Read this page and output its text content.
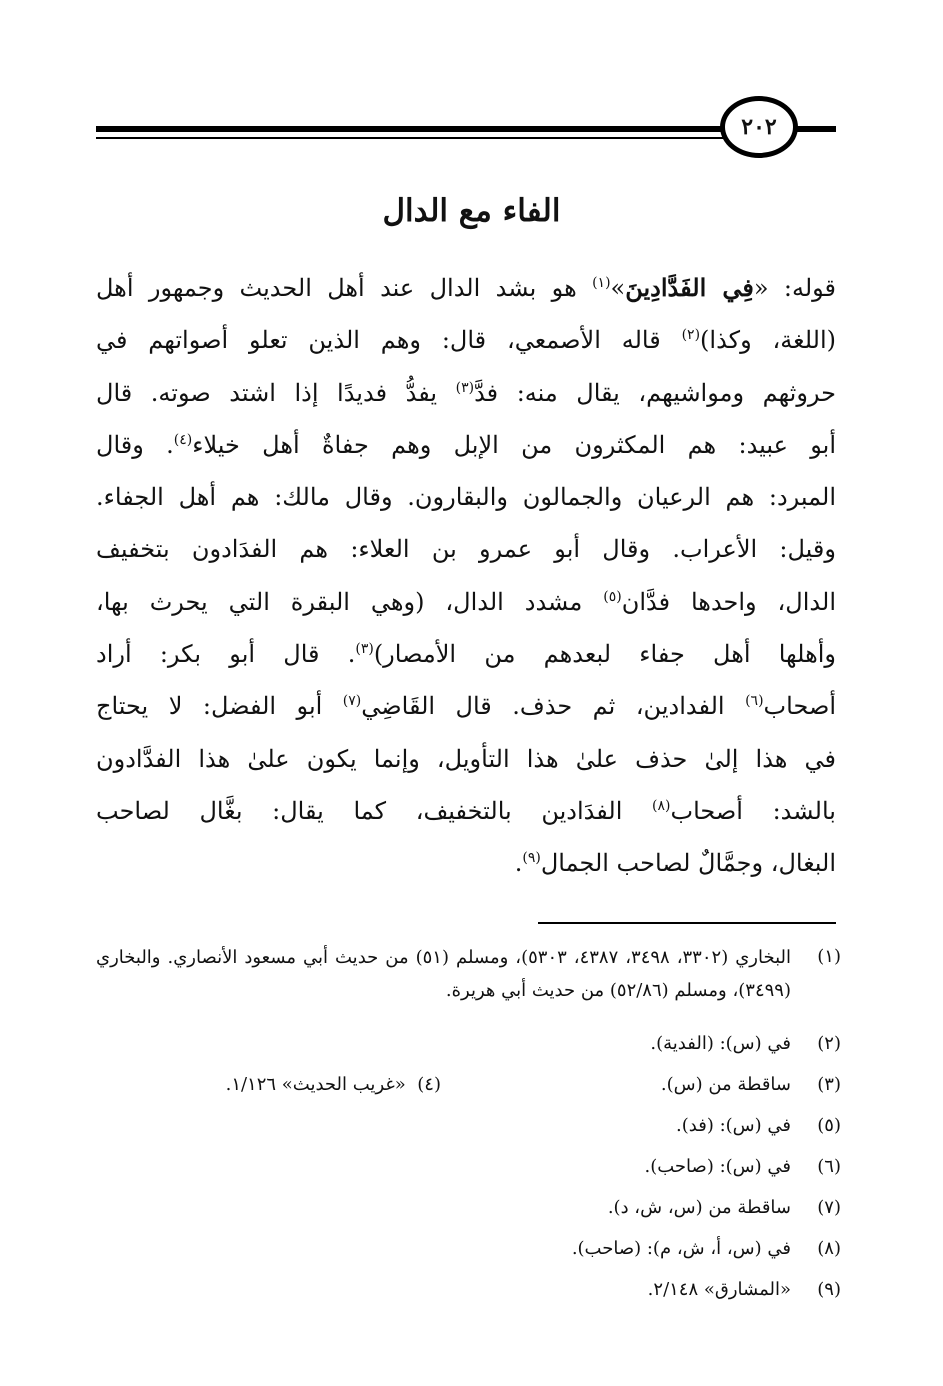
٢٠٢
الفاء مع الدال
قوله: «فِي الفَدَّادِينَ»$^{(١)}$ هو بشد الدال عند أهل الحديث وجمهور أهل
(اللغة، وكذا)$^{(٢)}$ قاله الأصمعي، قال: وهم الذين تعلو أصواتهم في
حروثهم ومواشيهم، يقال منه: فدَّ$^{(٣)}$ يفدُّ فديدًا إذا اشتد صوته. قال
أبو عبيد: هم المكثرون من الإبل وهم جفاةٌ أهل خيلاء$^{(٤)}$. وقال
المبرد: هم الرعيان والجمالون والبقارون. وقال مالك: هم أهل الجفاء.
وقيل: الأعراب. وقال أبو عمرو بن العلاء: هم الفدَادون بتخفيف
الدال، واحدها فدَّان$^{(٥)}$ مشدد الدال، (وهي البقرة التي يحرث بها،
وأهلها أهل جفاء لبعدهم من الأمصار)$^{(٣)}$. قال أبو بكر: أراد
أصحاب$^{(٦)}$ الفدادين، ثم حذف. قال القَاضِي$^{(٧)}$ أبو الفضل: لا يحتاج
في هذا إلىٰ حذف علىٰ هذا التأويل، وإنما يكون علىٰ هذا الفدَّادون
بالشد: أصحاب$^{(٨)}$ الفدَادين بالتخفيف، كما يقال: بغَّال لصاحب
البغال، وجمَّالٌ لصاحب الجمال$^{(٩)}$.
(١)
البخاري (٣٣٠٢، ٣٤٩٨، ٤٣٨٧، ٥٣٠٣)، ومسلم (٥١) من حديث أبي مسعود الأنصاري. والبخاري (٣٤٩٩)، ومسلم (٥٢/٨٦) من حديث أبي هريرة.
(٢)
في (س): (الفدية).
(٣)
ساقطة من (س).
(٤)  «غريب الحديث» ١/١٢٦.
(٥)
في (س): (فد).
(٦)
في (س): (صاحب).
(٧)
ساقطة من (س، ش، د).
(٨)
في (س، أ، ش، م): (صاحب).
(٩)
«المشارق» ٢/١٤٨.
